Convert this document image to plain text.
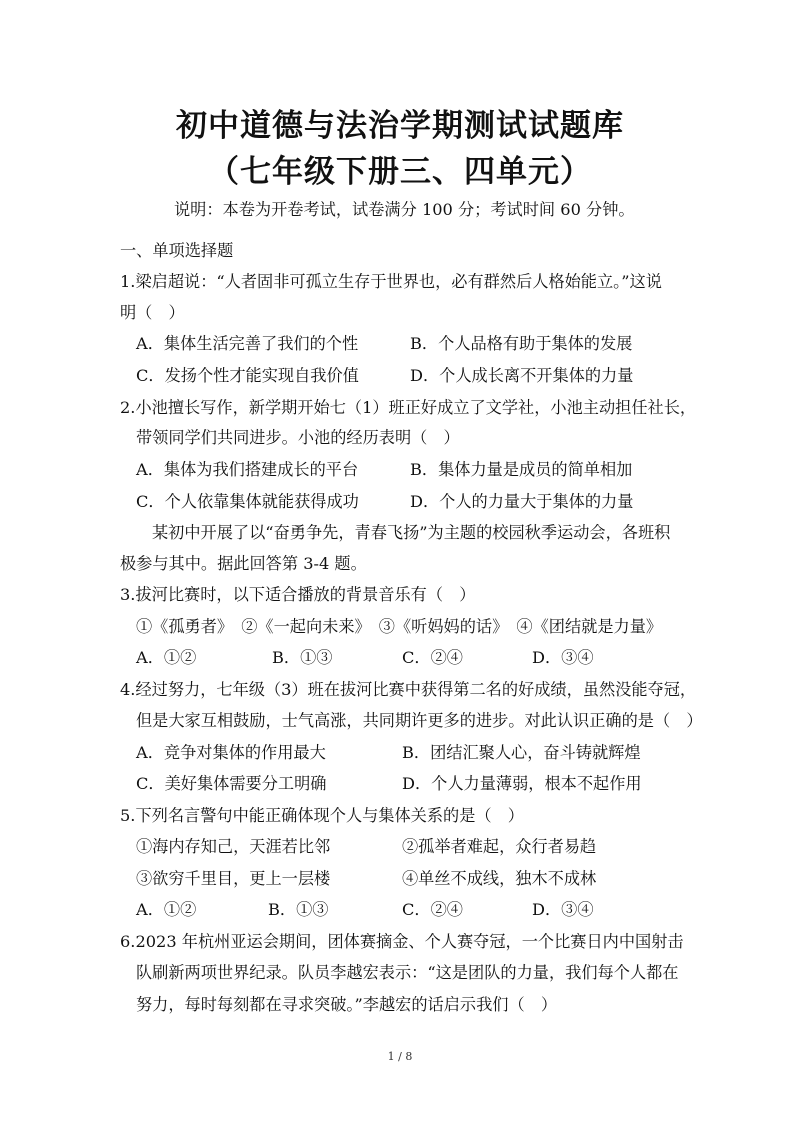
初中道德与法治学期测试试题库
（七年级下册三、四单元）
说明：本卷为开卷考试，试卷满分 100 分；考试时间 60 分钟。
一、单项选择题
1.梁启超说：“人者固非可孤立生存于世界也，必有群然后人格始能立。”这说
明（　）
A．集体生活完善了我们的个性	B．个人品格有助于集体的发展
C．发扬个性才能实现自我价值	D．个人成长离不开集体的力量
2.小池擅长写作，新学期开始七（1）班正好成立了文学社，小池主动担任社长，
带领同学们共同进步。小池的经历表明（　）
A．集体为我们搭建成长的平台	B．集体力量是成员的简单相加
C．个人依靠集体就能获得成功	D．个人的力量大于集体的力量
某初中开展了以“奋勇争先，青春飞扬”为主题的校园秋季运动会，各班积
极参与其中。据此回答第 3-4 题。
3.拔河比赛时，以下适合播放的背景音乐有（　）
①《孤勇者》　②《一起向未来》　③《听妈妈的话》　④《团结就是力量》
A．①②	B．①③	C．②④	D．③④
4.经过努力，七年级（3）班在拔河比赛中获得第二名的好成绩，虽然没能夺冠，
但是大家互相鼓励，士气高涨，共同期许更多的进步。对此认识正确的是（　）
A．竞争对集体的作用最大	B．团结汇聚人心，奋斗铸就辉煌
C．美好集体需要分工明确	D．个人力量薄弱，根本不起作用
5.下列名言警句中能正确体现个人与集体关系的是（　）
①海内存知己，天涯若比邻	②孤举者难起，众行者易趋
③欲穷千里目，更上一层楼	④单丝不成线，独木不成林
A．①②	B．①③	C．②④	D．③④
6.2023 年杭州亚运会期间，团体赛摘金、个人赛夺冠，一个比赛日内中国射击
队刷新两项世界纪录。队员李越宏表示：“这是团队的力量，我们每个人都在
努力，每时每刻都在寻求突破。”李越宏的话启示我们（　）
1 / 8
